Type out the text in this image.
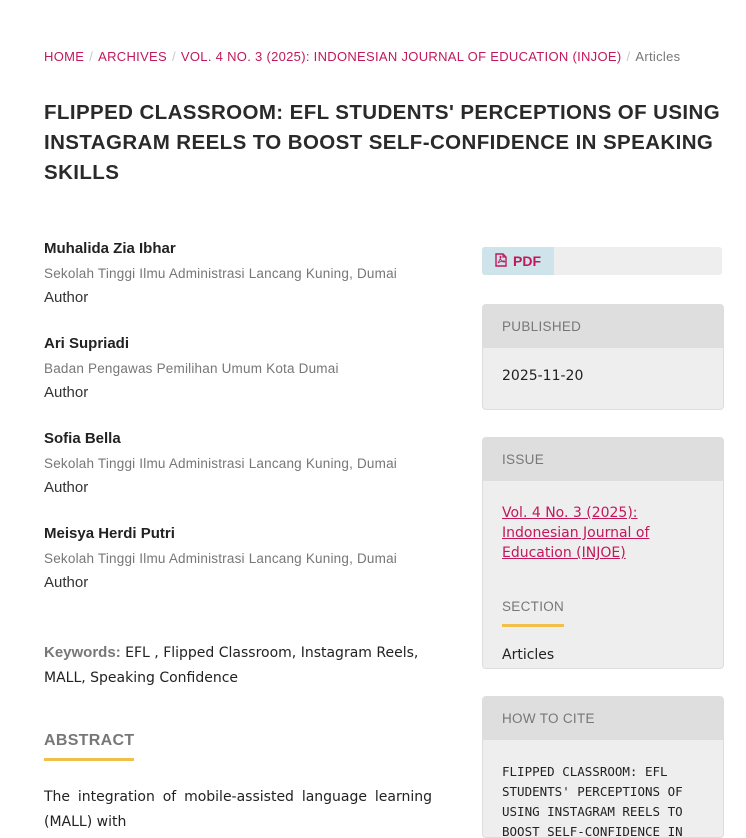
HOME / ARCHIVES / VOL. 4 NO. 3 (2025): INDONESIAN JOURNAL OF EDUCATION (INJOE) / Articles
FLIPPED CLASSROOM: EFL STUDENTS' PERCEPTIONS OF USING INSTAGRAM REELS TO BOOST SELF-CONFIDENCE IN SPEAKING SKILLS
Muhalida Zia Ibhar
Sekolah Tinggi Ilmu Administrasi Lancang Kuning, Dumai
Author
Ari Supriadi
Badan Pengawas Pemilihan Umum Kota Dumai
Author
Sofia Bella
Sekolah Tinggi Ilmu Administrasi Lancang Kuning, Dumai
Author
Meisya Herdi Putri
Sekolah Tinggi Ilmu Administrasi Lancang Kuning, Dumai
Author
Keywords: EFL , Flipped Classroom, Instagram Reels, MALL, Speaking Confidence
ABSTRACT
The integration of mobile-assisted language learning (MALL) with
PDF
PUBLISHED
2025-11-20
ISSUE
Vol. 4 No. 3 (2025): Indonesian Journal of Education (INJOE)
SECTION
Articles
HOW TO CITE
FLIPPED CLASSROOM: EFL STUDENTS' PERCEPTIONS OF USING INSTAGRAM REELS TO BOOST SELF-CONFIDENCE IN
